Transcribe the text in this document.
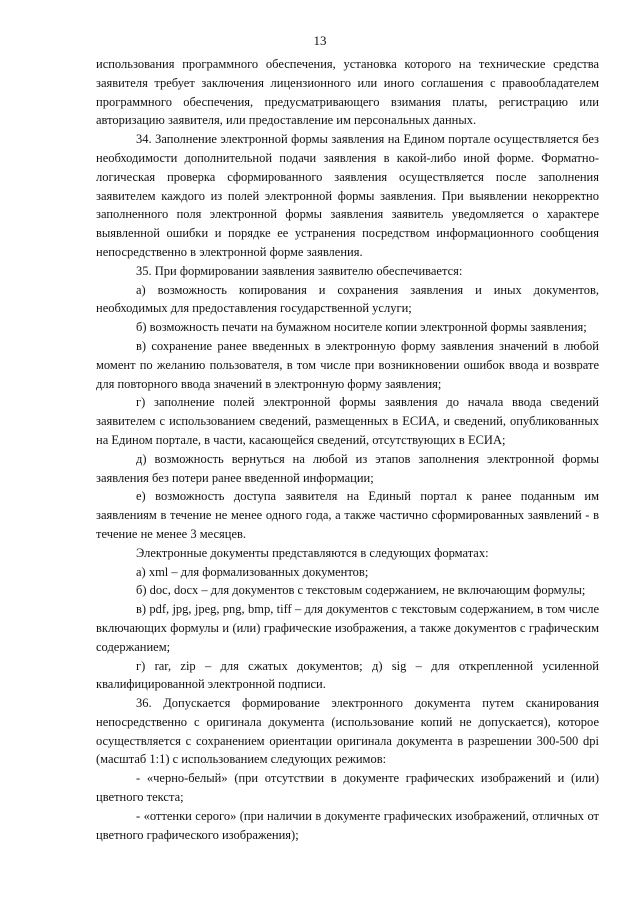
13

использования программного обеспечения, установка которого на технические средства заявителя требует заключения лицензионного или иного соглашения с правообладателем программного обеспечения, предусматривающего взимания платы, регистрацию или авторизацию заявителя, или предоставление им персональных данных.

34. Заполнение электронной формы заявления на Едином портале осуществляется без необходимости дополнительной подачи заявления в какой-либо иной форме. Форматно-логическая проверка сформированного заявления осуществляется после заполнения заявителем каждого из полей электронной формы заявления. При выявлении некорректно заполненного поля электронной формы заявления заявитель уведомляется о характере выявленной ошибки и порядке ее устранения посредством информационного сообщения непосредственно в электронной форме заявления.

35. При формировании заявления заявителю обеспечивается:

а) возможность копирования и сохранения заявления и иных документов, необходимых для предоставления государственной услуги;

б) возможность печати на бумажном носителе копии электронной формы заявления;

в) сохранение ранее введенных в электронную форму заявления значений в любой момент по желанию пользователя, в том числе при возникновении ошибок ввода и возврате для повторного ввода значений в электронную форму заявления;

г) заполнение полей электронной формы заявления до начала ввода сведений заявителем с использованием сведений, размещенных в ЕСИА, и сведений, опубликованных на Едином портале, в части, касающейся сведений, отсутствующих в ЕСИА;

д) возможность вернуться на любой из этапов заполнения электронной формы заявления без потери ранее введенной информации;

е) возможность доступа заявителя на Единый портал к ранее поданным им заявлениям в течение не менее одного года, а также частично сформированных заявлений - в течение не менее 3 месяцев.

Электронные документы представляются в следующих форматах:

а) xml – для формализованных документов;

б) doc, docx – для документов с текстовым содержанием, не включающим формулы;

в) pdf, jpg, jpeg, png, bmp, tiff – для документов с текстовым содержанием, в том числе включающих формулы и (или) графические изображения, а также документов с графическим содержанием;

г) rar, zip – для сжатых документов; д) sig – для открепленной усиленной квалифицированной электронной подписи.

36. Допускается формирование электронного документа путем сканирования непосредственно с оригинала документа (использование копий не допускается), которое осуществляется с сохранением ориентации оригинала документа в разрешении 300-500 dpi (масштаб 1:1) с использованием следующих режимов:

- «черно-белый» (при отсутствии в документе графических изображений и (или) цветного текста;

- «оттенки серого» (при наличии в документе графических изображений, отличных от цветного графического изображения);
